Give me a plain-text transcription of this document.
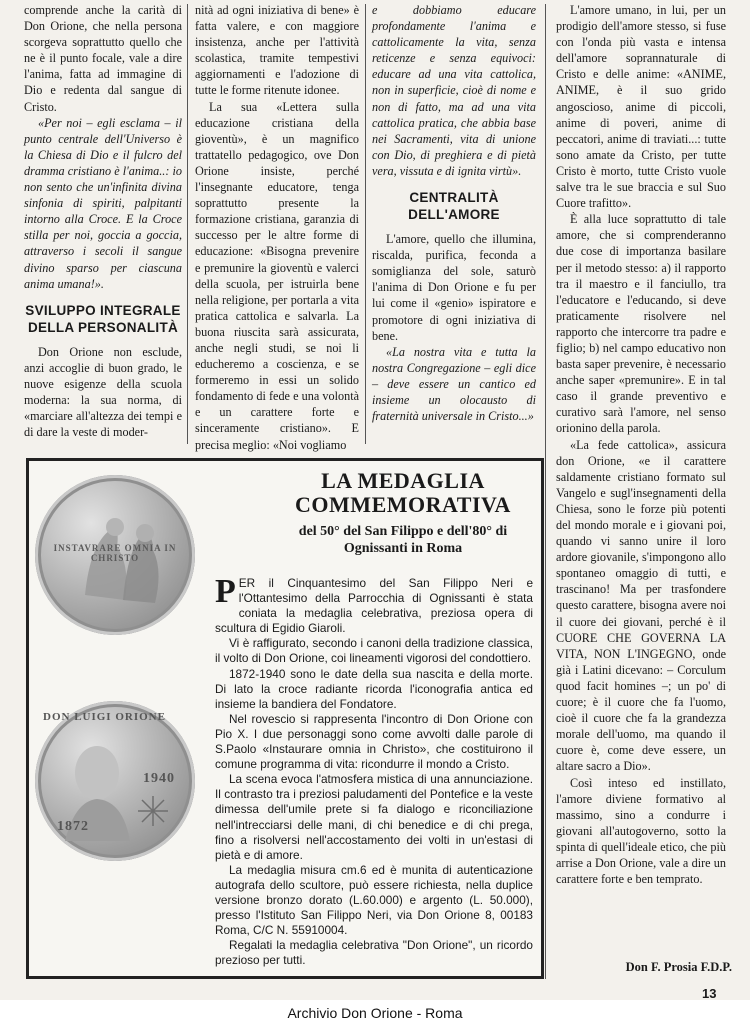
comprende anche la carità di Don Orione, che nella persona scorgeva soprattutto quello che ne è il punto focale, vale a dire l'anima, fatta ad immagine di Dio e redenta dal sangue di Cristo.

«Per noi – egli esclama – il punto centrale dell'Universo è la Chiesa di Dio e il fulcro del dramma cristiano è l'anima..: io non sento che un'infinita divina sinfonia di spiriti, palpitanti intorno alla Croce. E la Croce stilla per noi, goccia a goccia, attraverso i secoli il sangue divino sparso per ciascuna anima umana!».

SVILUPPO INTEGRALE DELLA PERSONALITÀ

Don Orione non esclude, anzi accoglie di buon grado, le nuove esigenze della scuola moderna: la sua norma, di «marciare all'altezza dei tempi e di dare la veste di moder-

nità ad ogni iniziativa di bene» è fatta valere, e con maggiore insistenza, anche per l'attività scolastica, tramite tempestivi aggiornamenti e l'adozione di tutte le forme ritenute idonee.

La sua «Lettera sulla educazione cristiana della gioventù», è un magnifico trattatello pedagogico, ove Don Orione insiste, perché l'insegnante educatore, tenga soprattutto presente la formazione cristiana, garanzia di successo per le altre forme di educazione: «Bisogna prevenire e premunire la gioventù e valerci della scuola, per istruirla bene nella religione, per portarla a vita pratica cattolica e salvarla. La buona riuscita sarà assicurata, anche negli studi, se noi li educheremo a coscienza, e se formeremo in essi un solido fondamento di fede e una volontà e un carattere forte e sinceramente cristiano». E precisa meglio: «Noi vogliamo

e dobbiamo educare profondamente l'anima e cattolicamente la vita, senza reticenze e senza equivoci: educare ad una vita cattolica, non in superficie, cioè di nome e non di fatto, ma ad una vita cattolica pratica, che abbia base nei Sacramenti, vita di unione con Dio, di preghiera e di pietà vera, vissuta e di ignita virtù».

CENTRALITÀ DELL'AMORE

L'amore, quello che illumina, riscalda, purifica, feconda a somiglianza del sole, saturò l'anima di Don Orione e fu per lui come il «genio» ispiratore e promotore di ogni iniziativa di bene.

«La nostra vita e tutta la nostra Congregazione – egli dice – deve essere un cantico ed insieme un olocausto di fraternità universale in Cristo...»

L'amore umano, in lui, per un prodigio dell'amore stesso, si fuse con l'onda più vasta e intensa dell'amore soprannaturale di Cristo e delle anime: «ANIME, ANIME, è il suo grido angoscioso, anime di piccoli, anime di poveri, anime di peccatori, anime di traviati...: tutte sono amate da Cristo, per tutte Cristo è morto, tutte Cristo vuole salve tra le sue braccia e sul Suo Cuore trafitto».

È alla luce soprattutto di tale amore, che si comprenderanno due cose di importanza basilare per il metodo stesso: a) il rapporto tra il maestro e il fanciullo, tra l'educatore e l'educando, si deve praticamente risolvere nel rapporto che intercorre tra padre e figlio; b) nel campo educativo non basta saper prevenire, è necessario anche saper «premunire». E in tal caso il grande preventivo e curativo sarà l'amore, nel senso orionino della parola.

«La fede cattolica», assicura don Orione, «e il carattere saldamente cristiano formato sul Vangelo e sugl'insegnamenti della Chiesa, sono le forze più potenti del mondo morale e i giovani poi, quando vi sanno unire il loro ardore giovanile, s'impongono allo spontaneo omaggio di tutti, e trascinano! Ma per trasfondere questo carattere, bisogna avere noi il cuore dei giovani, perché è il CUORE CHE GOVERNA LA VITA, NON L'INGEGNO, onde già i Latini dicevano: – Corculum quod facit homines –; un po' di cuore; è il cuore che fa l'uomo, cioè il cuore che fa la grandezza morale dell'uomo, ma quando il cuore è, come deve essere, un altare sacro a Dio».

Così inteso ed instillato, l'amore diviene formativo al massimo, sino a condurre i giovani all'autogoverno, sotto la spinta di quell'ideale etico, che più arrise a Don Orione, vale a dire un carattere forte e ben temprato.

Don F. Prosia F.D.P.
INSTAVRARE OMNIA IN CHRISTO
DON LUIGI ORIONE
1872
1940
LA MEDAGLIA COMMEMORATIVA
del 50° del San Filippo e dell'80° di Ognissanti in Roma

PER il Cinquantesimo del San Filippo Neri e l'Ottantesimo della Parrocchia di Ognissanti è stata coniata la medaglia celebrativa, preziosa opera di scultura di Egidio Giaroli.

Vi è raffigurato, secondo i canoni della tradizione classica, il volto di Don Orione, coi lineamenti vigorosi del condottiero.

1872-1940 sono le date della sua nascita e della morte. Di lato la croce radiante ricorda l'iconografia antica ed insieme la bandiera del Fondatore.

Nel rovescio si rappresenta l'incontro di Don Orione con Pio X. I due personaggi sono come avvolti dalle parole di S.Paolo «Instaurare omnia in Christo», che costituirono il comune programma di vita: ricondurre il mondo a Cristo.

La scena evoca l'atmosfera mistica di una annunciazione. Il contrasto tra i preziosi paludamenti del Pontefice e la veste dimessa dell'umile prete si fa dialogo e riconciliazione nell'intrecciarsi delle mani, di chi benedice e di chi prega, fino a risolversi nell'accostamento dei volti in un'estasi di pietà e di amore.

La medaglia misura cm.6 ed è munita di autenticazione autografa dello scultore, può essere richiesta, nella duplice versione bronzo dorato (L.60.000) e argento (L. 50.000), presso l'Istituto San Filippo Neri, via Don Orione 8, 00183 Roma, C/C N. 55910004.

Regalati la medaglia celebrativa "Don Orione", un ricordo prezioso per tutti.

13
Archivio Don Orione - Roma
